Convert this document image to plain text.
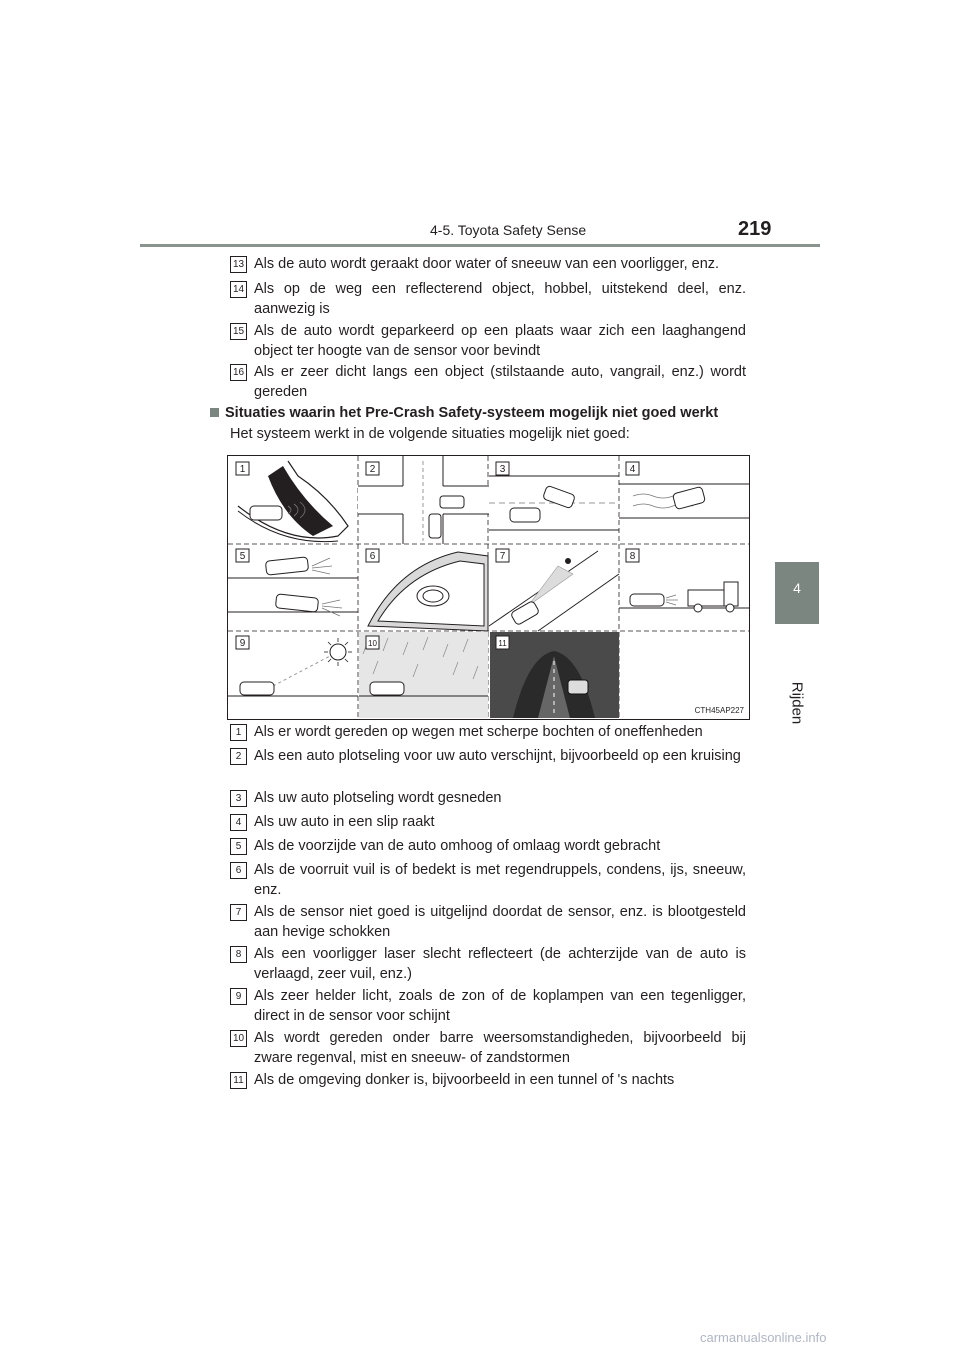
4-5. Toyota Safety Sense	219
4
Rijden
13 Als de auto wordt geraakt door water of sneeuw van een voorligger, enz.
14 Als op de weg een reflecterend object, hobbel, uitstekend deel, enz. aanwezig is
15 Als de auto wordt geparkeerd op een plaats waar zich een laaghangend object ter hoogte van de sensor voor bevindt
16 Als er zeer dicht langs een object (stilstaande auto, vangrail, enz.) wordt gereden
Situaties waarin het Pre-Crash Safety-systeem mogelijk niet goed werkt
Het systeem werkt in de volgende situaties mogelijk niet goed:
1	2	3	4
5	6	7	8
9	10	11
CTH45AP227
1 Als er wordt gereden op wegen met scherpe bochten of oneffenheden
2 Als een auto plotseling voor uw auto verschijnt, bijvoorbeeld op een kruising
3 Als uw auto plotseling wordt gesneden
4 Als uw auto in een slip raakt
5 Als de voorzijde van de auto omhoog of omlaag wordt gebracht
6 Als de voorruit vuil is of bedekt is met regendruppels, condens, ijs, sneeuw, enz.
7 Als de sensor niet goed is uitgelijnd doordat de sensor, enz. is blootgesteld aan hevige schokken
8 Als een voorligger laser slecht reflecteert (de achterzijde van de auto is verlaagd, zeer vuil, enz.)
9 Als zeer helder licht, zoals de zon of de koplampen van een tegenligger, direct in de sensor voor schijnt
10 Als wordt gereden onder barre weersomstandigheden, bijvoorbeeld bij zware regenval, mist en sneeuw- of zandstormen
11 Als de omgeving donker is, bijvoorbeeld in een tunnel of 's nachts
carmanualsonline.info
